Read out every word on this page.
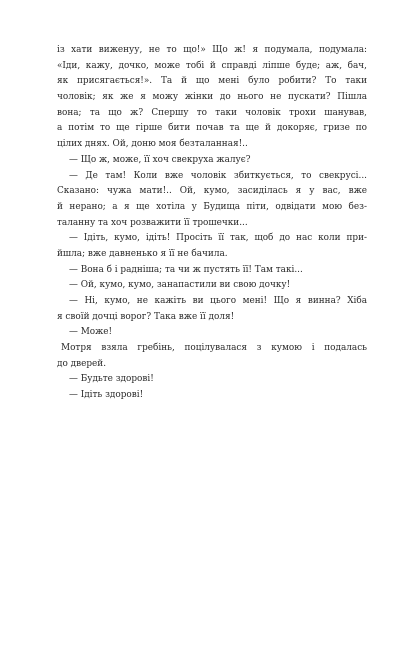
із хати виженуу, не то що!» Що ж! я подумала, подумала:
«Іди, кажу, дочко, може тобі й справді ліпше буде; аж, бач,
як присягається!». Та й що мені було робити? То таки
чоловік; як же я можу жінки до нього не пускати? Пішла
вона; та що ж? Спершу то таки чоловік трохи шанував,
а потім то ще гірше бити почав та ще й докоряє, гризе по
цілих днях. Ой, доню моя безталанная!..
— Що ж, може, її хоч свекруха жалує?
— Де там! Коли вже чоловік збиткується, то свекрусі...
Сказано: чужа мати!.. Ой, кумо, засиділась я у вас, вже
й нерано; а я ще хотіла у Будища піти, одвідати мою без-
таланну та хоч розважити її трошечки...
— Ідіть, кумо, ідіть! Просіть її так, щоб до нас коли при-
йшла; вже давненько я її не бачила.
— Вона б і радніша; та чи ж пустять її! Там такі...
— Ой, кумо, кумо, занапастили ви свою дочку!
— Ні, кумо, не кажіть ви цього мені! Що я винна? Хіба
я своїй дочці ворог? Така вже її доля!
— Може!
Мотря взяла гребінь, поцілувалася з кумою і подалась
до дверей.
— Будьте здорові!
— Ідіть здорові!
